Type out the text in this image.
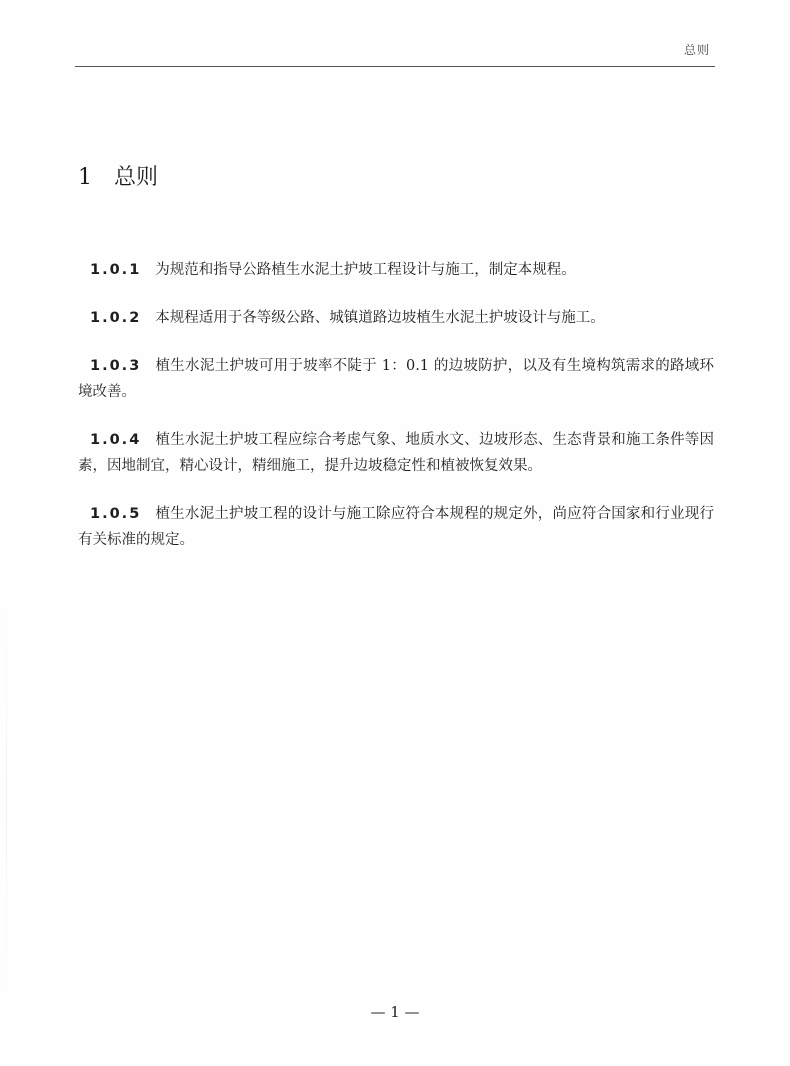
总则
1 总则

1.0.1 为规范和指导公路植生水泥土护坡工程设计与施工，制定本规程。

1.0.2 本规程适用于各等级公路、城镇道路边坡植生水泥土护坡设计与施工。

1.0.3 植生水泥土护坡可用于坡率不陡于 1：0.1 的边坡防护，以及有生境构筑需求的路域环境改善。

1.0.4 植生水泥土护坡工程应综合考虑气象、地质水文、边坡形态、生态背景和施工条件等因素，因地制宜，精心设计，精细施工，提升边坡稳定性和植被恢复效果。

1.0.5 植生水泥土护坡工程的设计与施工除应符合本规程的规定外，尚应符合国家和行业现行有关标准的规定。

— 1 —
